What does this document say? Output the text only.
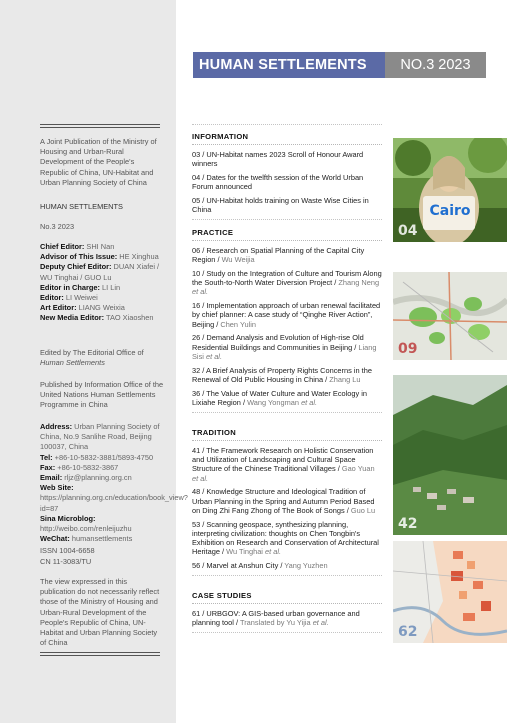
A Joint Publication of the Ministry of Housing and Urban-Rural Development of the People's Republic of China, UN-Habitat and Urban Planning Society of China
HUMAN SETTLEMENTS
No.3 2023
Chief Editor: SHI Nan
Advisor of This Issue: HE Xinghua
Deputy Chief Editor: DUAN Xiafei / WU Tinghai / GUO Lu
Editor in Charge: LI Lin
Editor: LI Weiwei
Art Editor: LIANG Weixia
New Media Editor: TAO Xiaoshen
Edited by The Editorial Office of Human Settlements
Published by Information Office of the United Nations Human Settlements Programme in China
Address: Urban Planning Society of China, No.9 Sanlihe Road, Beijing 100037, China
Tel: +86-10-5832-3881/5893-4750
Fax: +86-10-5832-3867
Email: rljz@planning.org.cn
Web Site: https://planning.org.cn/education/book_view? id=87
Sina Microblog: http://weibo.com/renleijuzhu
WeChat: humansettlements
ISSN 1004-6658
CN 11-3083/TU
The view expressed in this publication do not necessarily reflect those of the Ministry of Housing and Urban-Rural Development of the People's Republic of China, UN-Habitat and Urban Planning Society of China
HUMAN SETTLEMENTS	NO.3 2023
INFORMATION
03 / UN-Habitat names 2023 Scroll of Honour Award winners
04 / Dates for the twelfth session of the World Urban Forum announced
05 / UN-Habitat holds training on Waste Wise Cities in China
PRACTICE
06 / Research on Spatial Planning of the Capital City Region / Wu Weijia
10 / Study on the Integration of Culture and Tourism Along the South-to-North Water Diversion Project / Zhang Neng et al.
16 / Implementation approach of urban renewal facilitated by chief planner: A case study of “Qinghe River Action”, Beijing / Chen Yulin
26 / Demand Analysis and Evolution of High-rise Old Residential Buildings and Communities in Beijing / Liang Sisi et al.
32 / A Brief Analysis of Property Rights Concerns in the Renewal of Old Public Housing in China / Zhang Lu
36 / The Value of Water Culture and Water Ecology in Lixiahe Region / Wang Yongman et al.
TRADITION
41 / The Framework Research on Holistic Conservation and Utilization of Landscaping and Cultural Space Structure of the Chinese Traditional Villages / Gao Yuan et al.
48 / Knowledge Structure and Ideological Tradition of Urban Planning in the Spring and Autumn Period Based on Ding Zhi Fang Zhong of The Book of Songs / Guo Lu
53 / Scanning geospace, synthesizing planning, interpreting civilization: thoughts on Chen Tongbin's Exhibition on Research and Conservation of Architectural Heritage / Wu Tinghai et al.
56 / Marvel at Anshun City / Yang Yuzhen
CASE STUDIES
61 / URBGOV: A GIS-based urban governance and planning tool / Translated by Yu Yijia et al.
Cairo
04
09
42
62
